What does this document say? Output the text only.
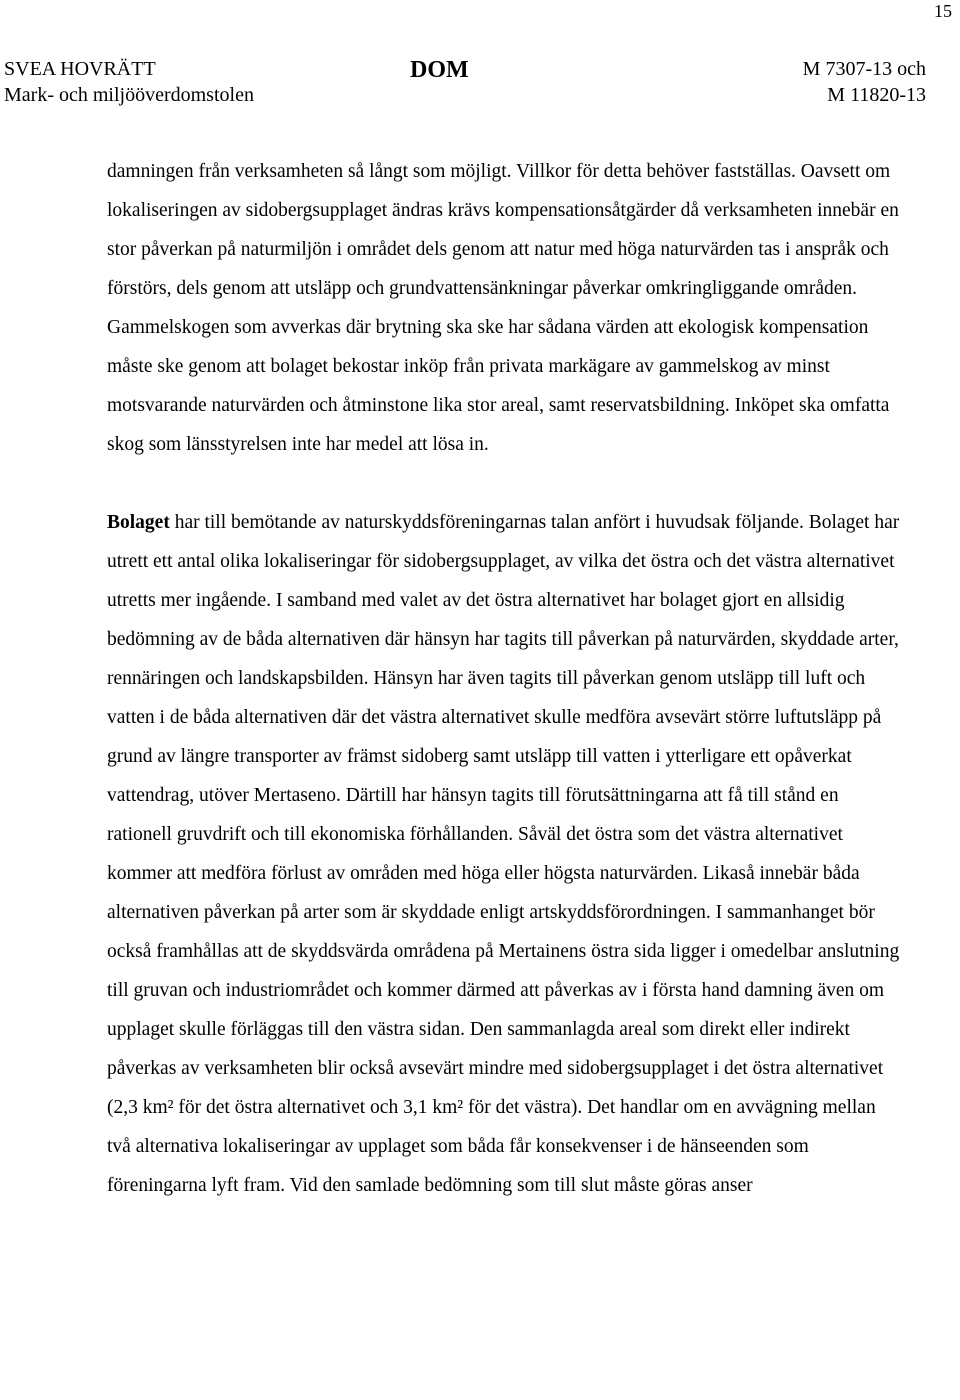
15
SVEA HOVRÄTT
Mark- och miljööverdomstolen
DOM	M 7307-13 och
M 11820-13

damningen från verksamheten så långt som möjligt. Villkor för detta behöver fastställas. Oavsett om lokaliseringen av sidobergsupplaget ändras krävs kompensationsåtgärder då verksamheten innebär en stor påverkan på naturmiljön i området dels genom att natur med höga naturvärden tas i anspråk och förstörs, dels genom att utsläpp och grundvattensänkningar påverkar omkringliggande områden. Gammelskogen som avverkas där brytning ska ske har sådana värden att ekologisk kompensation måste ske genom att bolaget bekostar inköp från privata markägare av gammelskog av minst motsvarande naturvärden och åtminstone lika stor areal, samt reservatsbildning. Inköpet ska omfatta skog som länsstyrelsen inte har medel att lösa in.

Bolaget har till bemötande av naturskyddsföreningarnas talan anfört i huvudsak följande. Bolaget har utrett ett antal olika lokaliseringar för sidobergsupplaget, av vilka det östra och det västra alternativet utretts mer ingående. I samband med valet av det östra alternativet har bolaget gjort en allsidig bedömning av de båda alternativen där hänsyn har tagits till påverkan på naturvärden, skyddade arter, rennäringen och landskapsbilden. Hänsyn har även tagits till påverkan genom utsläpp till luft och vatten i de båda alternativen där det västra alternativet skulle medföra avsevärt större luftutsläpp på grund av längre transporter av främst sidoberg samt utsläpp till vatten i ytterligare ett opåverkat vattendrag, utöver Mertaseno. Därtill har hänsyn tagits till förutsättningarna att få till stånd en rationell gruvdrift och till ekonomiska förhållanden. Såväl det östra som det västra alternativet kommer att medföra förlust av områden med höga eller högsta naturvärden. Likaså innebär båda alternativen påverkan på arter som är skyddade enligt artskyddsförordningen. I sammanhanget bör också framhållas att de skyddsvärda områdena på Mertainens östra sida ligger i omedelbar anslutning till gruvan och industriområdet och kommer därmed att påverkas av i första hand damning även om upplaget skulle förläggas till den västra sidan. Den sammanlagda areal som direkt eller indirekt påverkas av verksamheten blir också avsevärt mindre med sidobergsupplaget i det östra alternativet (2,3 km² för det östra alternativet och 3,1 km² för det västra). Det handlar om en avvägning mellan två alternativa lokaliseringar av upplaget som båda får konsekvenser i de hänseenden som föreningarna lyft fram. Vid den samlade bedömning som till slut måste göras anser
